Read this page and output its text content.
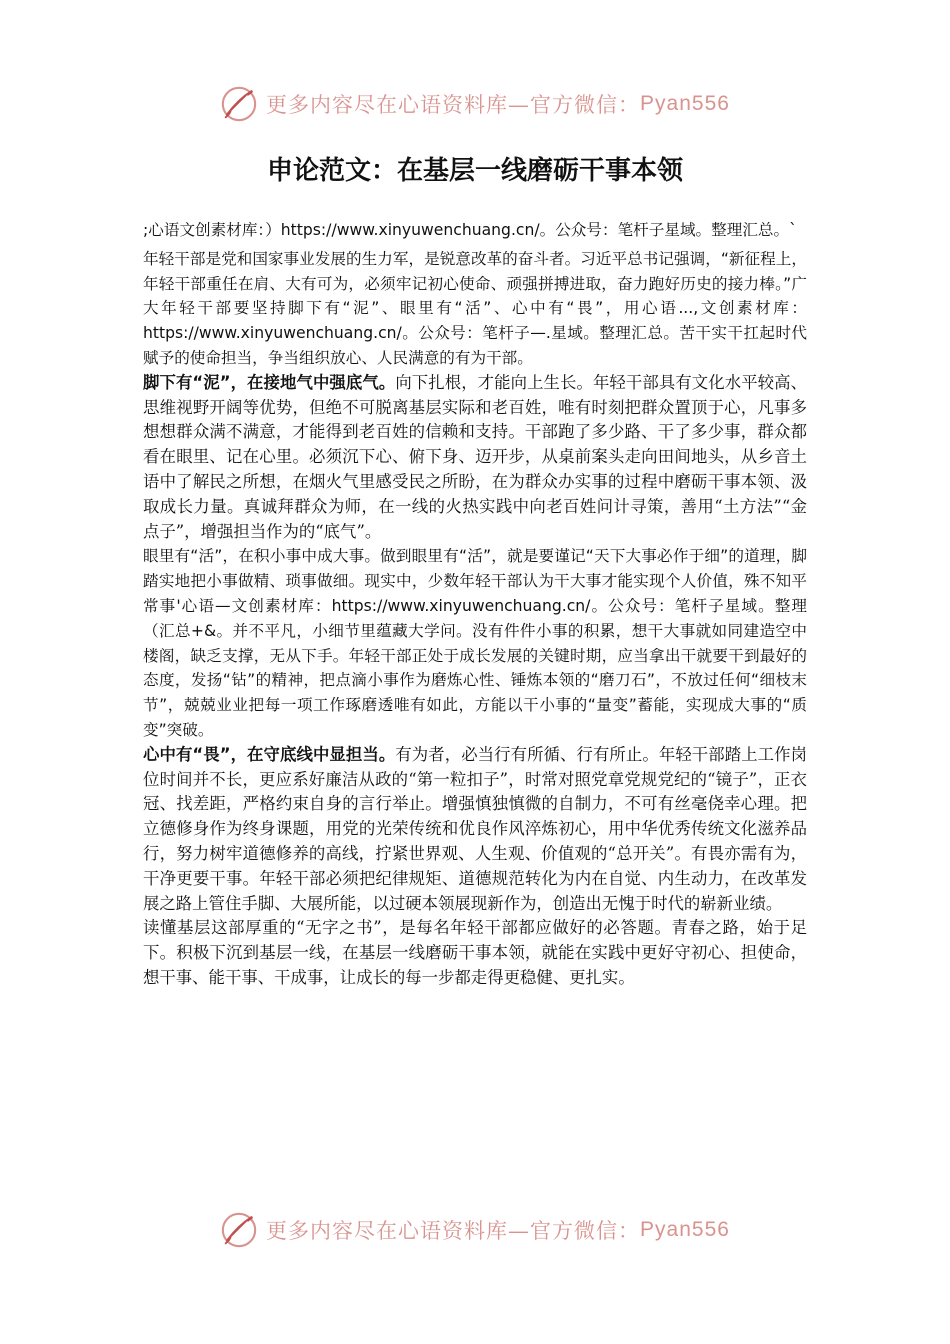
更多内容尽在心语资料库—官方微信： Pyan556
申论范文：在基层一线磨砺干事本领

;心语文创素材库：）https://www.xinyuwenchuang.cn/。公众号：笔杆子星域。整理汇总。`

年轻干部是党和国家事业发展的生力军，是锐意改革的奋斗者。习近平总书记强调，“新征程上，年轻干部重任在肩、大有可为，必须牢记初心使命、顽强拼搏进取，奋力跑好历史的接力棒。”广大年轻干部要坚持脚下有“泥”、眼里有“活”、心中有“畏”，用心语...,文创素材库：https://www.xinyuwenchuang.cn/。公众号：笔杆子—.星域。整理汇总。苦干实干扛起时代赋予的使命担当，争当组织放心、人民满意的有为干部。

脚下有“泥”，在接地气中强底气。向下扎根，才能向上生长。年轻干部具有文化水平较高、思维视野开阔等优势，但绝不可脱离基层实际和老百姓，唯有时刻把群众置顶于心，凡事多想想群众满不满意，才能得到老百姓的信赖和支持。干部跑了多少路、干了多少事，群众都看在眼里、记在心里。必须沉下心、俯下身、迈开步，从桌前案头走向田间地头，从乡音土语中了解民之所想，在烟火气里感受民之所盼，在为群众办实事的过程中磨砺干事本领、汲取成长力量。真诚拜群众为师，在一线的火热实践中向老百姓问计寻策，善用“土方法”“金点子”，增强担当作为的“底气”。

眼里有“活”，在积小事中成大事。做到眼里有“活”，就是要谨记“天下大事必作于细”的道理，脚踏实地把小事做精、琐事做细。现实中，少数年轻干部认为干大事才能实现个人价值，殊不知平常事'心语—文创素材库：https://www.xinyuwenchuang.cn/。公众号：笔杆子星域。整理（汇总+&。并不平凡，小细节里蕴藏大学问。没有件件小事的积累，想干大事就如同建造空中楼阁，缺乏支撑，无从下手。年轻干部正处于成长发展的关键时期，应当拿出干就要干到最好的态度，发扬“钻”的精神，把点滴小事作为磨炼心性、锤炼本领的“磨刀石”，不放过任何“细枝末节”，兢兢业业把每一项工作琢磨透唯有如此，方能以干小事的“量变”蓄能，实现成大事的“质变”突破。

心中有“畏”，在守底线中显担当。有为者，必当行有所循、行有所止。年轻干部踏上工作岗位时间并不长，更应系好廉洁从政的“第一粒扣子”，时常对照党章党规党纪的“镜子”，正衣冠、找差距，严格约束自身的言行举止。增强慎独慎微的自制力，不可有丝毫侥幸心理。把立德修身作为终身课题，用党的光荣传统和优良作风淬炼初心，用中华优秀传统文化滋养品行，努力树牢道德修养的高线，拧紧世界观、人生观、价值观的“总开关”。有畏亦需有为，干净更要干事。年轻干部必须把纪律规矩、道德规范转化为内在自觉、内生动力，在改革发展之路上管住手脚、大展所能，以过硬本领展现新作为，创造出无愧于时代的崭新业绩。

读懂基层这部厚重的“无字之书”，是每名年轻干部都应做好的必答题。青春之路，始于足下。积极下沉到基层一线，在基层一线磨砺干事本领，就能在实践中更好守初心、担使命，想干事、能干事、干成事，让成长的每一步都走得更稳健、更扎实。

更多内容尽在心语资料库—官方微信： Pyan556
